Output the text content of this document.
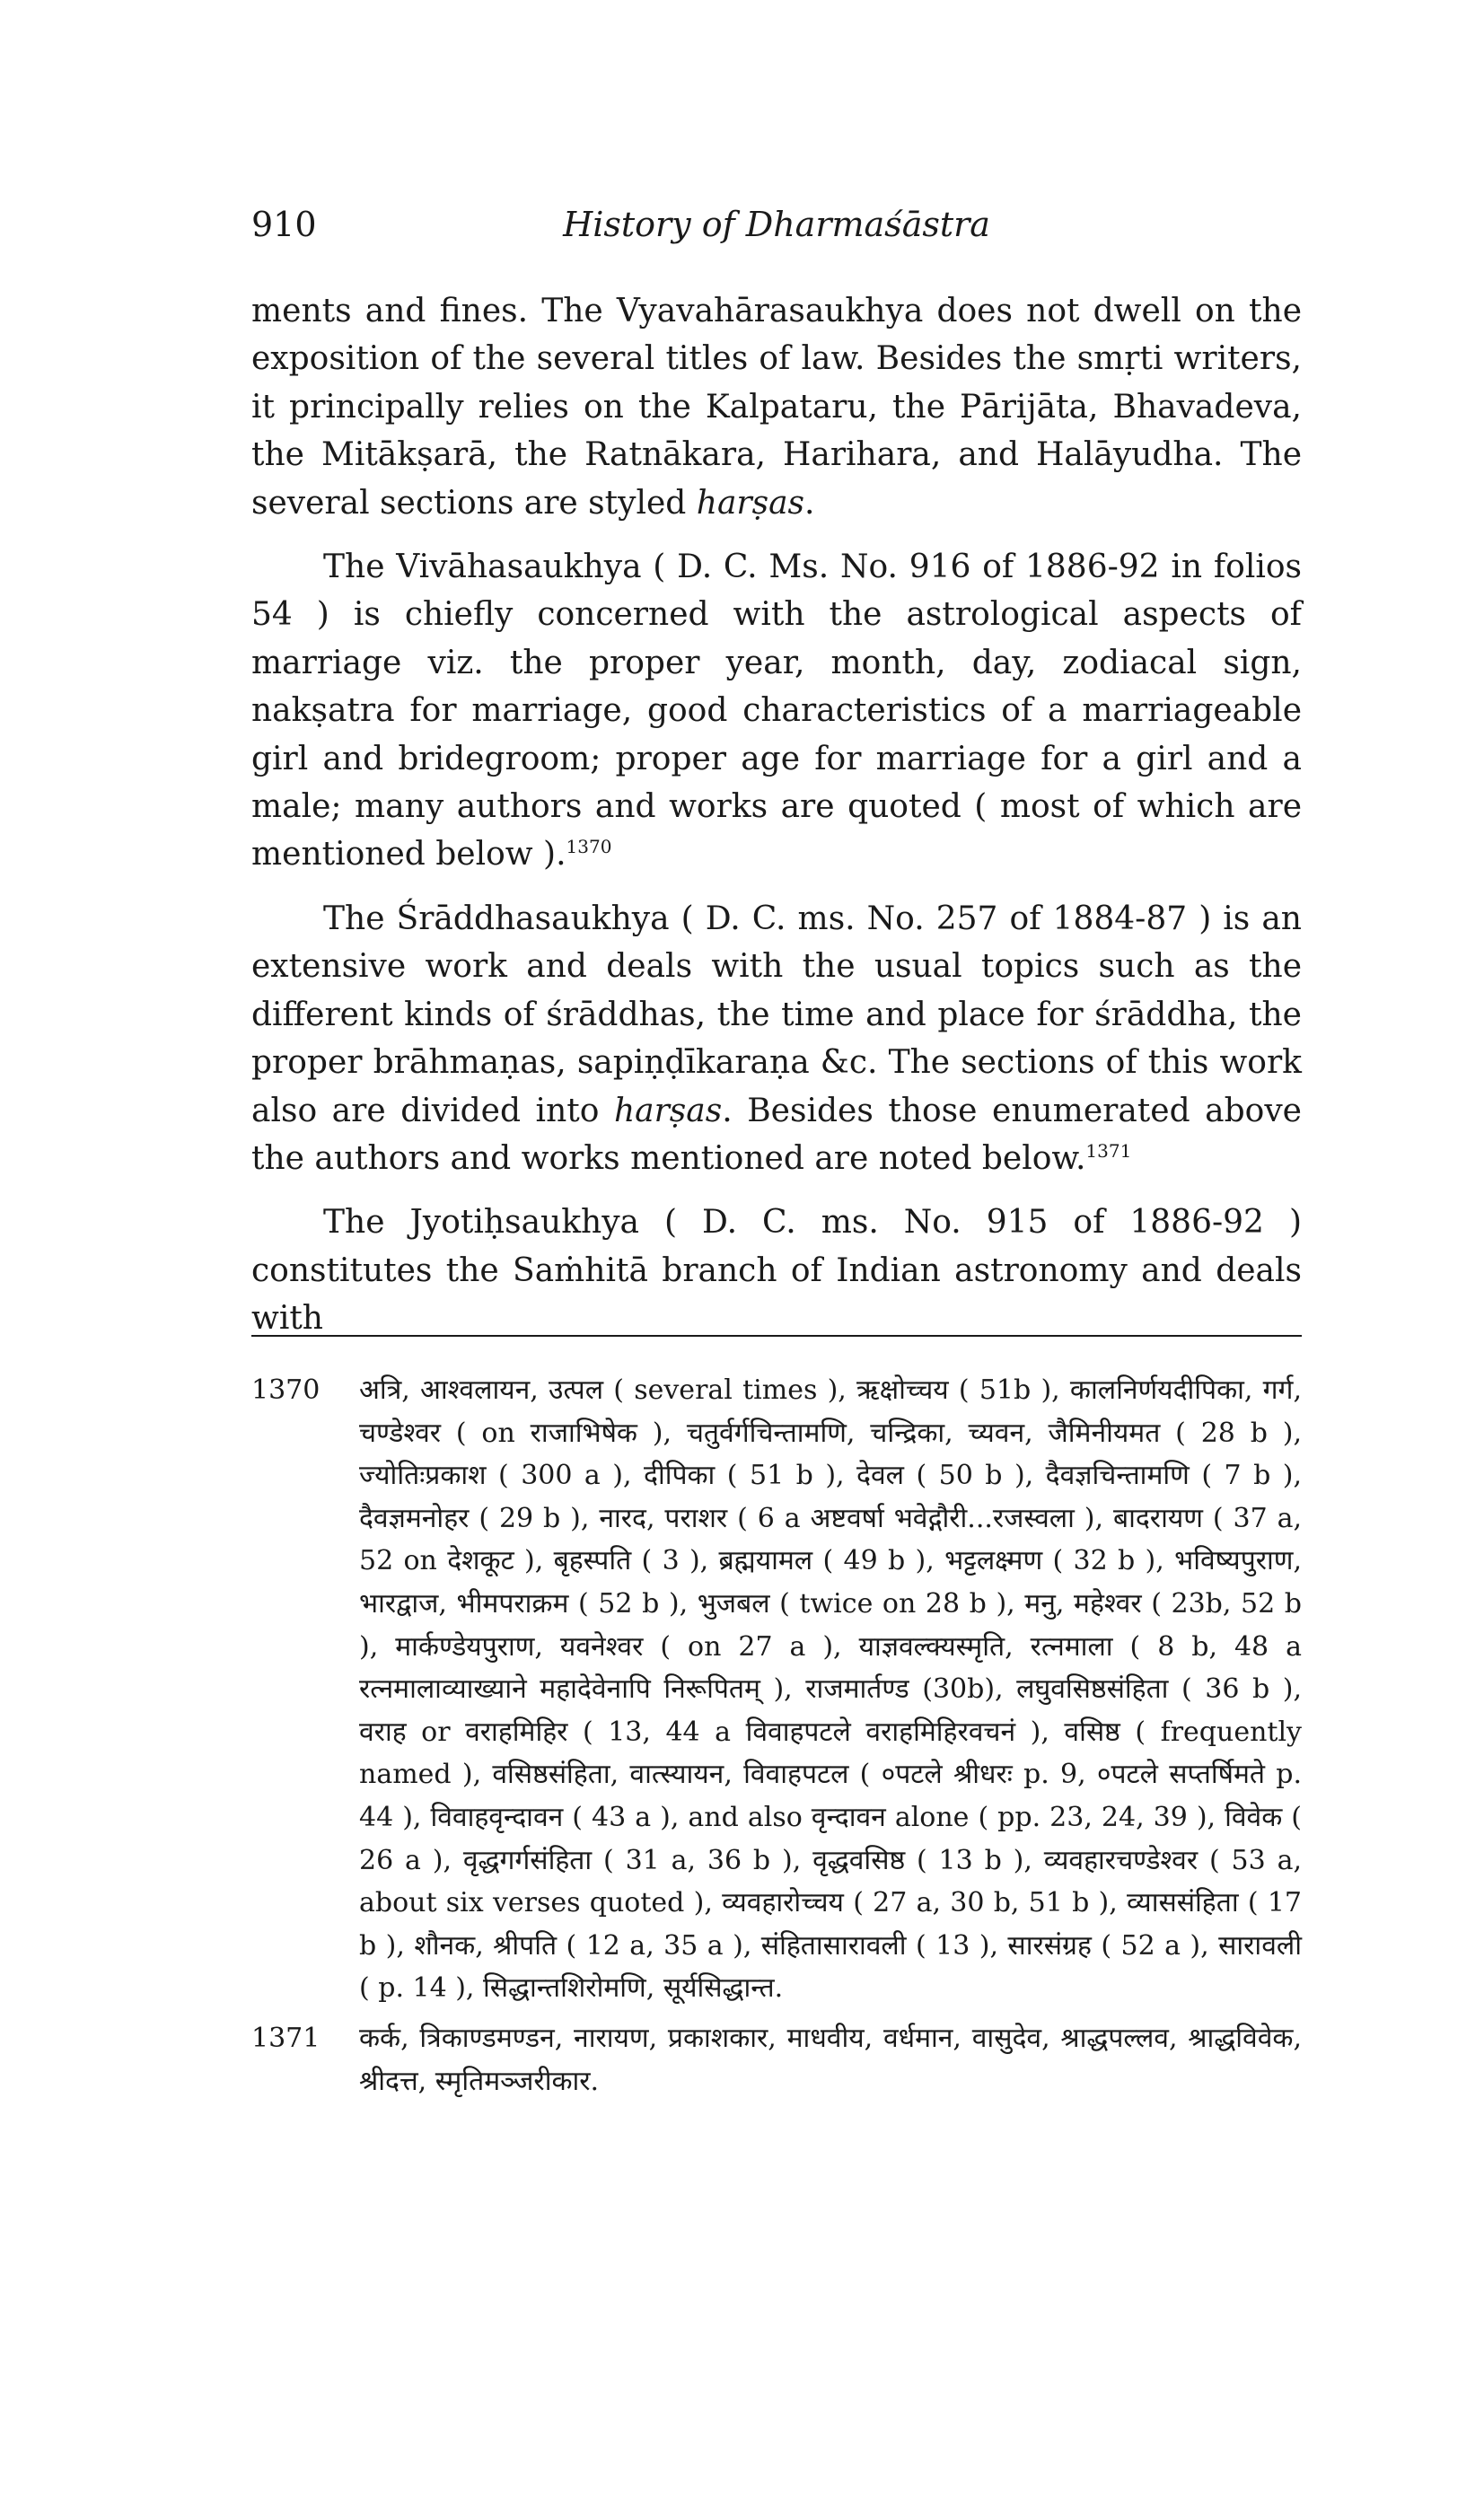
910	History of Dharmaśāstra

ments and fines. The Vyavahārasaukhya does not dwell on the exposition of the several titles of law. Besides the smṛti writers, it principally relies on the Kalpataru, the Pārijāta, Bhavadeva, the Mitākṣarā, the Ratnākara, Harihara, and Halāyudha. The several sections are styled harṣas.

The Vivāhasaukhya ( D. C. Ms. No. 916 of 1886-92 in folios 54 ) is chiefly concerned with the astrological aspects of marriage viz. the proper year, month, day, zodiacal sign, nakṣatra for marriage, good characteristics of a marriageable girl and bridegroom; proper age for marriage for a girl and a male; many authors and works are quoted ( most of which are mentioned below ).$^{1370}$

The Śrāddhasaukhya ( D. C. ms. No. 257 of 1884-87 ) is an extensive work and deals with the usual topics such as the different kinds of śrāddhas, the time and place for śrāddha, the proper brāhmaṇas, sapiṇḍīkaraṇa &c. The sections of this work also are divided into harṣas. Besides those enumerated above the authors and works mentioned are noted below.$^{1371}$

The Jyotiḥsaukhya ( D. C. ms. No. 915 of 1886-92 ) constitutes the Saṁhitā branch of Indian astronomy and deals with

1370 अत्रि, आश्वलायन, उत्पल ( several times ), ऋक्षोच्चय ( 51b ), कालनिर्णयदीपिका, गर्ग, चण्डेश्वर ( on राजाभिषेक ), चतुर्वर्गचिन्तामणि, चन्द्रिका, च्यवन, जैमिनीयमत ( 28 b ), ज्योतिःप्रकाश ( 300 a ), दीपिका ( 51 b ), देवल ( 50 b ), दैवज्ञचिन्तामणि ( 7 b ), दैवज्ञमनोहर ( 29 b ), नारद, पराशर ( 6 a अष्टवर्षा भवेद्गौरी...रजस्वला ), बादरायण ( 37 a, 52 on देशकूट ), बृहस्पति ( 3 ), ब्रह्मयामल ( 49 b ), भट्टलक्ष्मण ( 32 b ), भविष्यपुराण, भारद्वाज, भीमपराक्रम ( 52 b ), भुजबल ( twice on 28 b ), मनु, महेश्वर ( 23b, 52 b ), मार्कण्डेयपुराण, यवनेश्वर ( on 27 a ), याज्ञवल्क्यस्मृति, रत्नमाला ( 8 b, 48 a रत्नमालाव्याख्याने महादेवेनापि निरूपितम् ), राजमार्तण्ड (30b), लघुवसिष्ठसंहिता ( 36 b ), वराह or वराहमिहिर ( 13, 44 a विवाहपटले वराहमिहिरवचनं ), वसिष्ठ ( frequently named ), वसिष्ठसंहिता, वात्स्यायन, विवाहपटल ( ०पटले श्रीधरः p. 9, ०पटले सप्तर्षिमते p. 44 ), विवाहवृन्दावन ( 43 a ), and also वृन्दावन alone ( pp. 23, 24, 39 ), विवेक ( 26 a ), वृद्धगर्गसंहिता ( 31 a, 36 b ), वृद्धवसिष्ठ ( 13 b ), व्यवहारचण्डेश्वर ( 53 a, about six verses quoted ), व्यवहारोच्चय ( 27 a, 30 b, 51 b ), व्याससंहिता ( 17 b ), शौनक, श्रीपति ( 12 a, 35 a ), संहितासारावली ( 13 ), सारसंग्रह ( 52 a ), सारावली ( p. 14 ), सिद्धान्तशिरोमणि, सूर्यसिद्धान्त.
1371 कर्क, त्रिकाण्डमण्डन, नारायण, प्रकाशकार, माधवीय, वर्धमान, वासुदेव, श्राद्धपल्लव, श्राद्धविवेक, श्रीदत्त, स्मृतिमञ्जरीकार.
